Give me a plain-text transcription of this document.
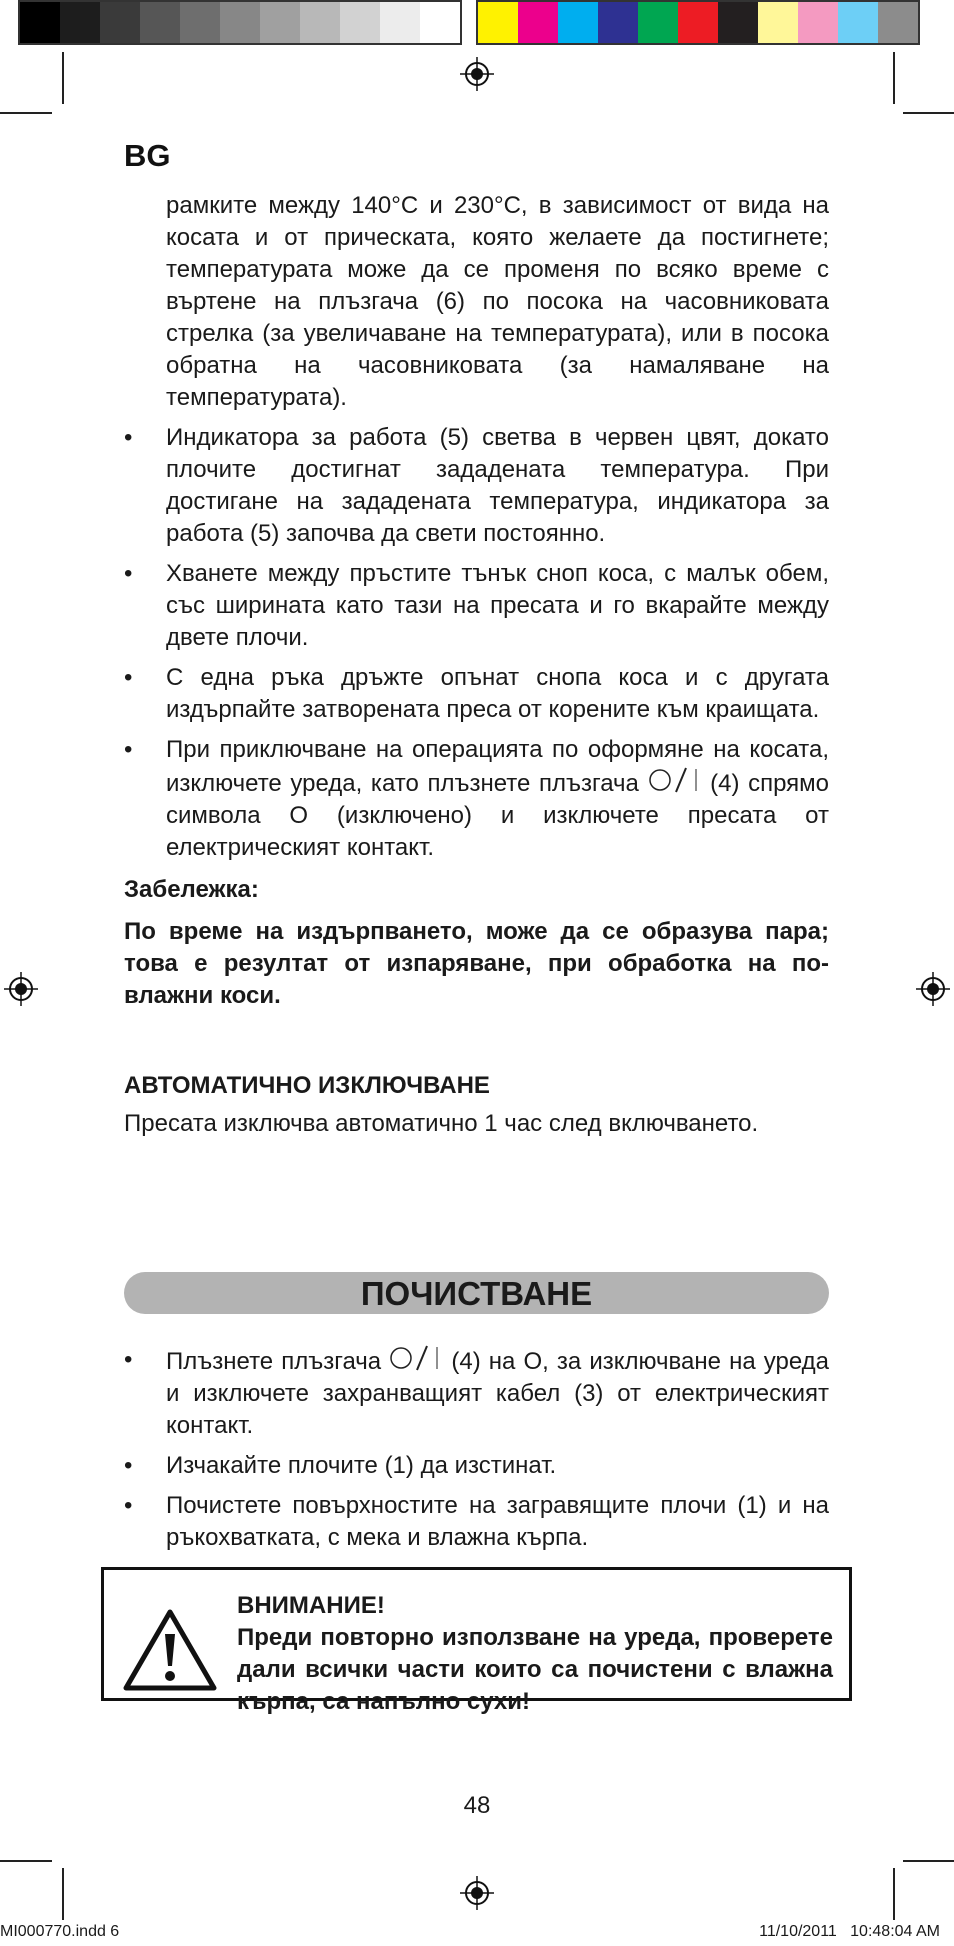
BG
рамките между 140°C и 230°C, в зависимост от вида на косата и от прическата, която желаете да постигнете; температурата може да се променя по всяко време с въртене на плъзгача (6) по посока на часовниковата стрелка (за увеличаване на температурата), или в посока обратна на часовниковата (за намаляване на температурата).
• Индикатора за работа (5) светва в червен цвят, докато плочите достигнат зададената температура. При достигане на зададената температура, индикатора за работа (5) започва да свети постоянно.
• Хванете между пръстите тънък сноп коса, с малък обем, със ширината като тази на пресата и го вкарайте между двете плочи.
• С една ръка дръжте опънат снопа коса и с другата издърпайте затворената преса от корените към краищата.
• При приключване на операцията по оформяне на косата, изключете уреда, като плъзнете плъзгача	(4) спрямо символа O (изключено) и изключете пресата от електрическият контакт.
Забележка:
По време на издърпването, може да се образува пара; това е резултат от изпаряване, при обработка на по-влажни коси.
АВТОМАТИЧНО ИЗКЛЮЧВАНЕ
Пресата изключва автоматично 1 час след включването.
ПОЧИСТВАНЕ
• Плъзнете плъзгача	(4) на O, за изключване на уреда и изключете захранващият кабел (3) от електрическият контакт.
• Изчакайте плочите (1) да изстинат.
• Почистете повърхностите на загравящите плочи (1) и на ръкохватката, с мека и влажна кърпа.
ВНИМАНИЕ!
Преди повторно използване на уреда, проверете дали всички части които са почистени с влажна кърпа, са напълно сухи!
48
MI000770.indd 6	11/10/2011   10:48:04 AM
